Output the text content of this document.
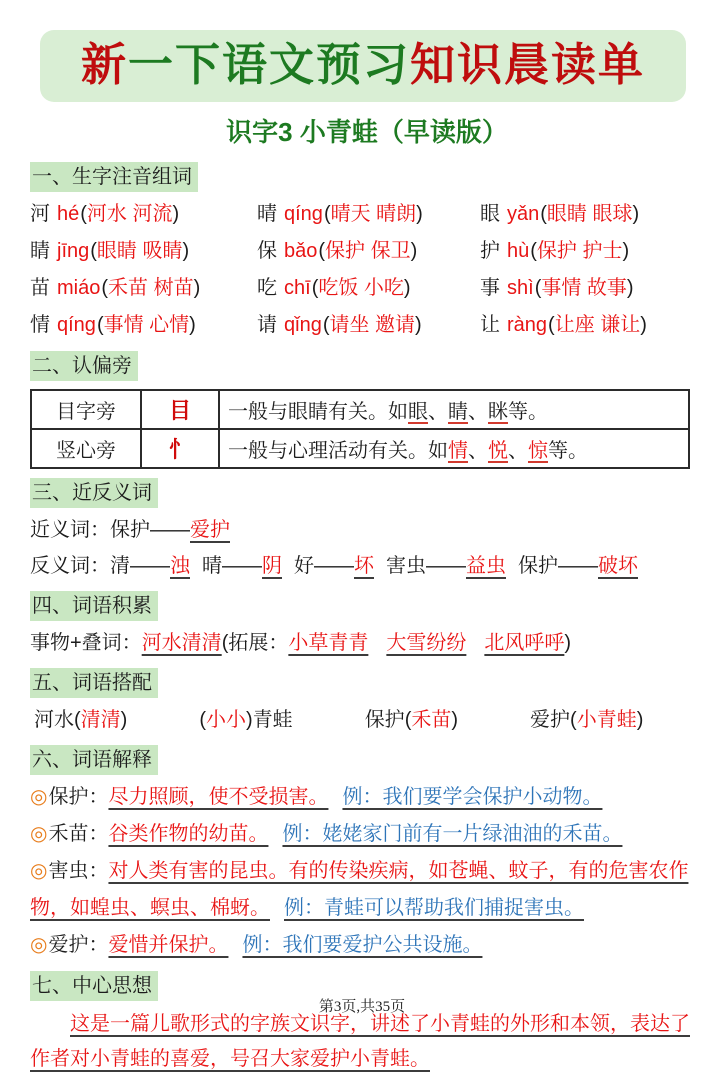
新一下语文预习知识晨读单
识字3 小青蛙（早读版）
一、生字注音组词
河 hé(河水 河流)	晴 qíng(晴天 晴朗)	眼 yǎn(眼睛 眼球)
睛 jīng(眼睛 吸睛)	保 bǎo(保护 保卫)	护 hù(保护 护士)
苗 miáo(禾苗 树苗)	吃 chī(吃饭 小吃)	事 shì(事情 故事)
情 qíng(事情 心情)	请 qǐng(请坐 邀请)	让 ràng(让座 谦让)
二、认偏旁
目字旁	目	一般与眼睛有关。如眼、睛、眯等。
竖心旁	忄	一般与心理活动有关。如情、悦、惊等。
三、近反义词
近义词：保护——爱护
反义词：清——浊 晴——阴 好——坏 害虫——益虫 保护——破坏
四、词语积累
事物+叠词：河水清清(拓展：小草青青 大雪纷纷 北风呼呼)
五、词语搭配
河水(清清)	(小小)青蛙	保护(禾苗)	爱护(小青蛙)
六、词语解释
◎保护：尽力照顾，使不受损害。 例：我们要学会保护小动物。
◎禾苗：谷类作物的幼苗。 例：姥姥家门前有一片绿油油的禾苗。
◎害虫：对人类有害的昆虫。有的传染疾病，如苍蝇、蚊子，有的危害农作物，如蝗虫、螟虫、棉蚜。 例：青蛙可以帮助我们捕捉害虫。
◎爱护：爱惜并保护。 例：我们要爱护公共设施。
七、中心思想
这是一篇儿歌形式的字族文识字，讲述了小青蛙的外形和本领，表达了作者对小青蛙的喜爱，号召大家爱护小青蛙。
第3页,共35页
